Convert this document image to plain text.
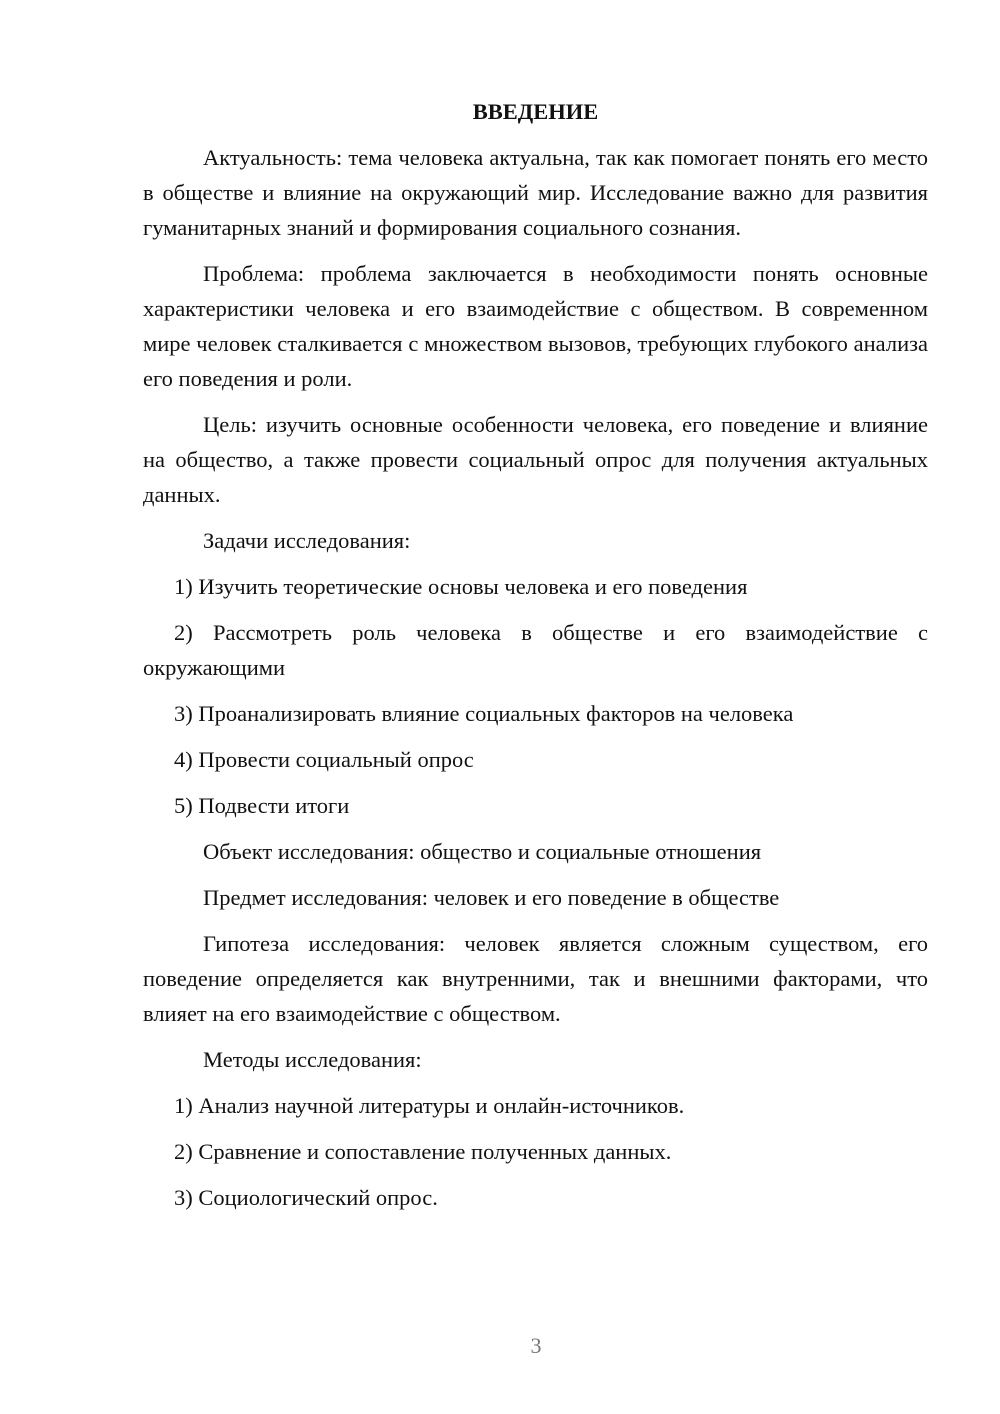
ВВЕДЕНИЕ

Актуальность: тема человека актуальна, так как помогает понять его место в обществе и влияние на окружающий мир. Исследование важно для развития гуманитарных знаний и формирования социального сознания.

Проблема: проблема заключается в необходимости понять основные характеристики человека и его взаимодействие с обществом. В современном мире человек сталкивается с множеством вызовов, требующих глубокого анализа его поведения и роли.

Цель: изучить основные особенности человека, его поведение и влияние на общество, а также провести социальный опрос для получения актуальных данных.

Задачи исследования:

1) Изучить теоретические основы человека и его поведения

2) Рассмотреть роль человека в обществе и его взаимодействие с окружающими

3) Проанализировать влияние социальных факторов на человека

4) Провести социальный опрос

5) Подвести итоги

Объект исследования: общество и социальные отношения

Предмет исследования: человек и его поведение в обществе

Гипотеза исследования: человек является сложным существом, его поведение определяется как внутренними, так и внешними факторами, что влияет на его взаимодействие с обществом.

Методы исследования:

1) Анализ научной литературы и онлайн-источников.

2) Сравнение и сопоставление полученных данных.

3) Социологический опрос.

3
